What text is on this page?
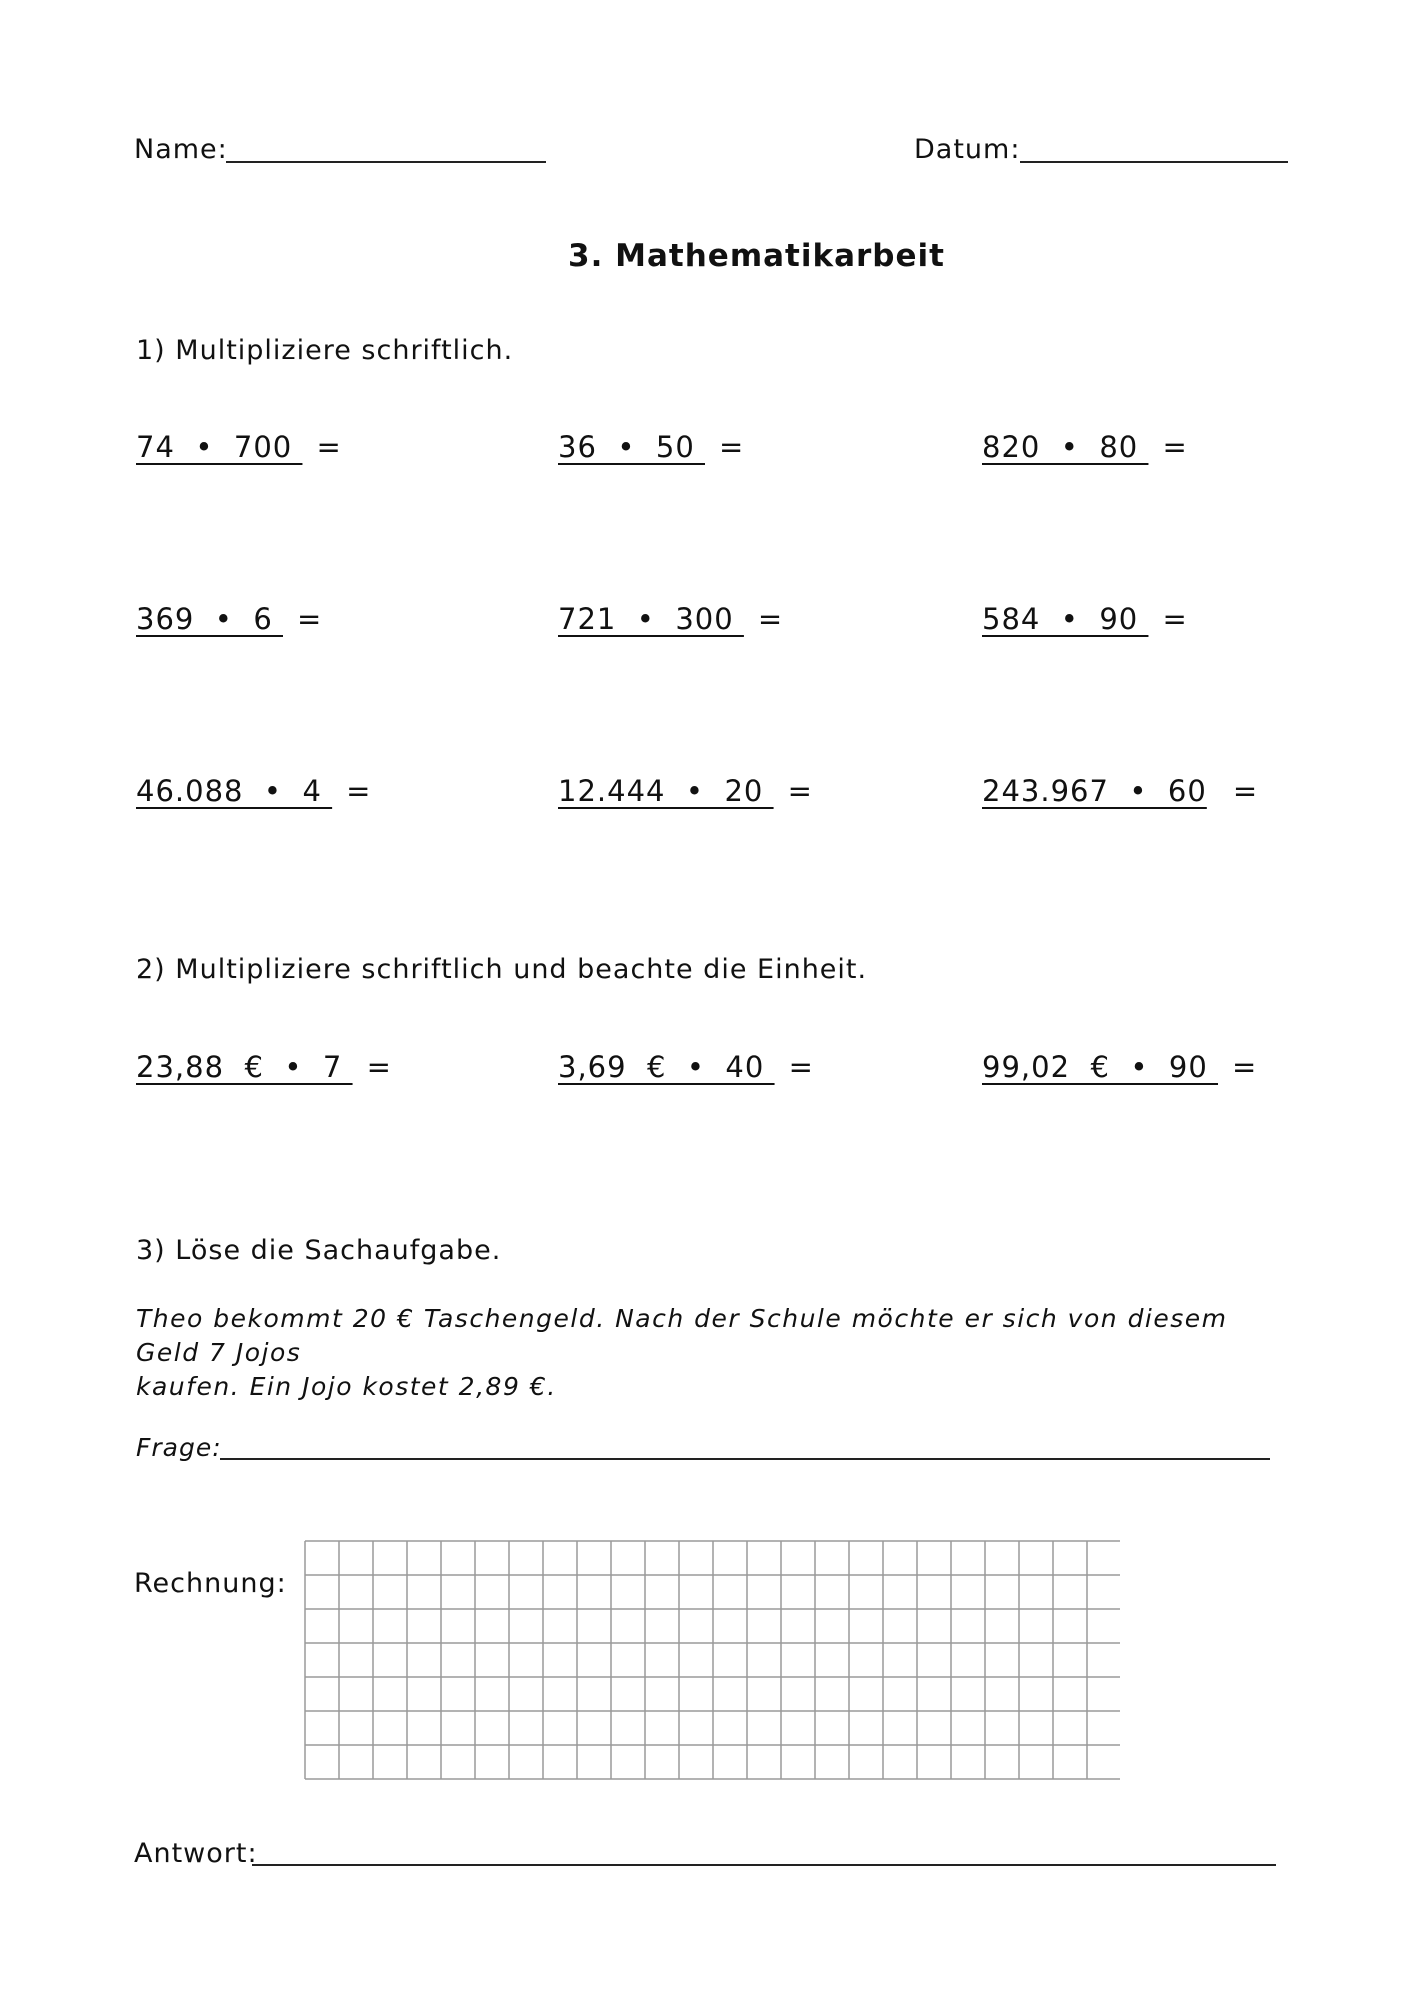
Name:	Datum:
3. Mathematikarbeit
1) Multipliziere schriftlich.
74  •  700 =	36  •  50 =	820  •  80 =
369  •  6 =	721  •  300 =	584  •  90 =
46.088  •  4 =	12.444  •  20 =	243.967  •  60 =
2) Multipliziere schriftlich und beachte die Einheit.
23,88  €  •  7 =	3,69  €  •  40 =	99,02  €  •  90 =
3) Löse die Sachaufgabe.
Theo bekommt 20 € Taschengeld. Nach der Schule möchte er sich von diesem Geld 7 Jojos
kaufen. Ein Jojo kostet 2,89 €.
Frage:
Rechnung:
Antwort:
